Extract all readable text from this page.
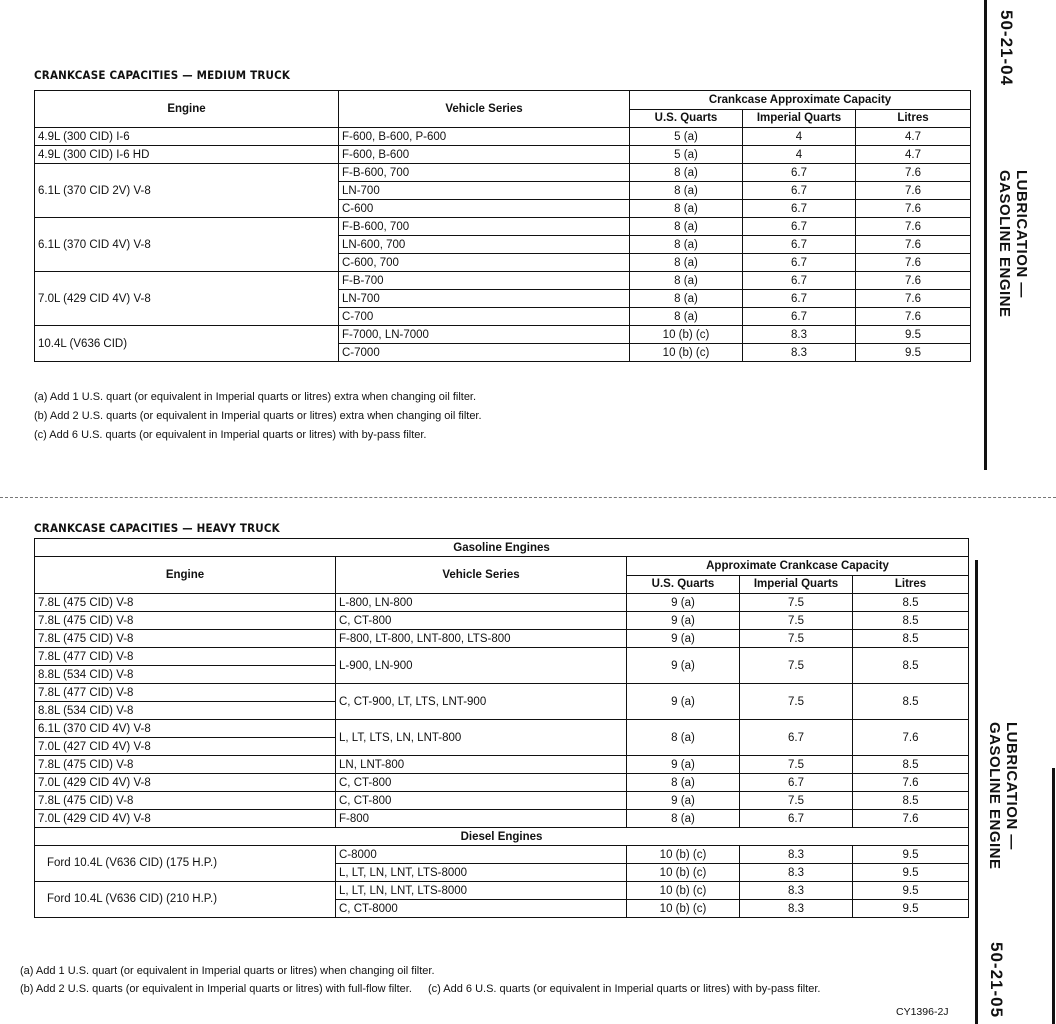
CRANKCASE CAPACITIES — MEDIUM TRUCK
Engine	Vehicle Series	Crankcase Approximate Capacity		
		U.S. Quarts	Imperial Quarts	Litres
4.9L (300 CID) I-6	F-600, B-600, P-600	5 (a)	4	4.7
4.9L (300 CID) I-6 HD	F-600, B-600	5 (a)	4	4.7
6.1L (370 CID 2V) V-8	F-B-600, 700	8 (a)	6.7	7.6
	LN-700	8 (a)	6.7	7.6
	C-600	8 (a)	6.7	7.6
6.1L (370 CID 4V) V-8	F-B-600, 700	8 (a)	6.7	7.6
	LN-600, 700	8 (a)	6.7	7.6
	C-600, 700	8 (a)	6.7	7.6
7.0L (429 CID 4V) V-8	F-B-700	8 (a)	6.7	7.6
	LN-700	8 (a)	6.7	7.6
	C-700	8 (a)	6.7	7.6
10.4L (V636 CID)	F-7000, LN-7000	10 (b) (c)	8.3	9.5
	C-7000	10 (b) (c)	8.3	9.5
(a) Add 1 U.S. quart (or equivalent in Imperial quarts or litres) extra when changing oil filter.
(b) Add 2 U.S. quarts (or equivalent in Imperial quarts or litres) extra when changing oil filter.
(c) Add 6 U.S. quarts (or equivalent in Imperial quarts or litres) with by-pass filter.
50-21-04
LUBRICATION —
GASOLINE ENGINE
CRANKCASE CAPACITIES — HEAVY TRUCK
Gasoline Engines				
Engine	Vehicle Series	Approximate Crankcase Capacity		
		U.S. Quarts	Imperial Quarts	Litres
7.8L (475 CID) V-8	L-800, LN-800	9 (a)	7.5	8.5
7.8L (475 CID) V-8	C, CT-800	9 (a)	7.5	8.5
7.8L (475 CID) V-8	F-800, LT-800, LNT-800, LTS-800	9 (a)	7.5	8.5
7.8L (477 CID) V-8	L-900, LN-900	9 (a)	7.5	8.5
8.8L (534 CID) V-8				
7.8L (477 CID) V-8	C, CT-900, LT, LTS, LNT-900	9 (a)	7.5	8.5
8.8L (534 CID) V-8				
6.1L (370 CID 4V) V-8	L, LT, LTS, LN, LNT-800	8 (a)	6.7	7.6
7.0L (427 CID 4V) V-8				
7.8L (475 CID) V-8	LN, LNT-800	9 (a)	7.5	8.5
7.0L (429 CID 4V) V-8	C, CT-800	8 (a)	6.7	7.6
7.8L (475 CID) V-8	C, CT-800	9 (a)	7.5	8.5
7.0L (429 CID 4V) V-8	F-800	8 (a)	6.7	7.6
Diesel Engines				
Ford 10.4L (V636 CID) (175 H.P.)	C-8000	10 (b) (c)	8.3	9.5
	L, LT, LN, LNT, LTS-8000	10 (b) (c)	8.3	9.5
Ford 10.4L (V636 CID) (210 H.P.)	L, LT, LN, LNT, LTS-8000	10 (b) (c)	8.3	9.5
	C, CT-8000	10 (b) (c)	8.3	9.5
(a) Add 1 U.S. quart (or equivalent in Imperial quarts or litres) when changing oil filter.
(b) Add 2 U.S. quarts (or equivalent in Imperial quarts or litres) with full-flow filter. (c) Add 6 U.S. quarts (or equivalent in Imperial quarts or litres) with by-pass filter.
CY1396-2J
LUBRICATION —
GASOLINE ENGINE
50-21-05
